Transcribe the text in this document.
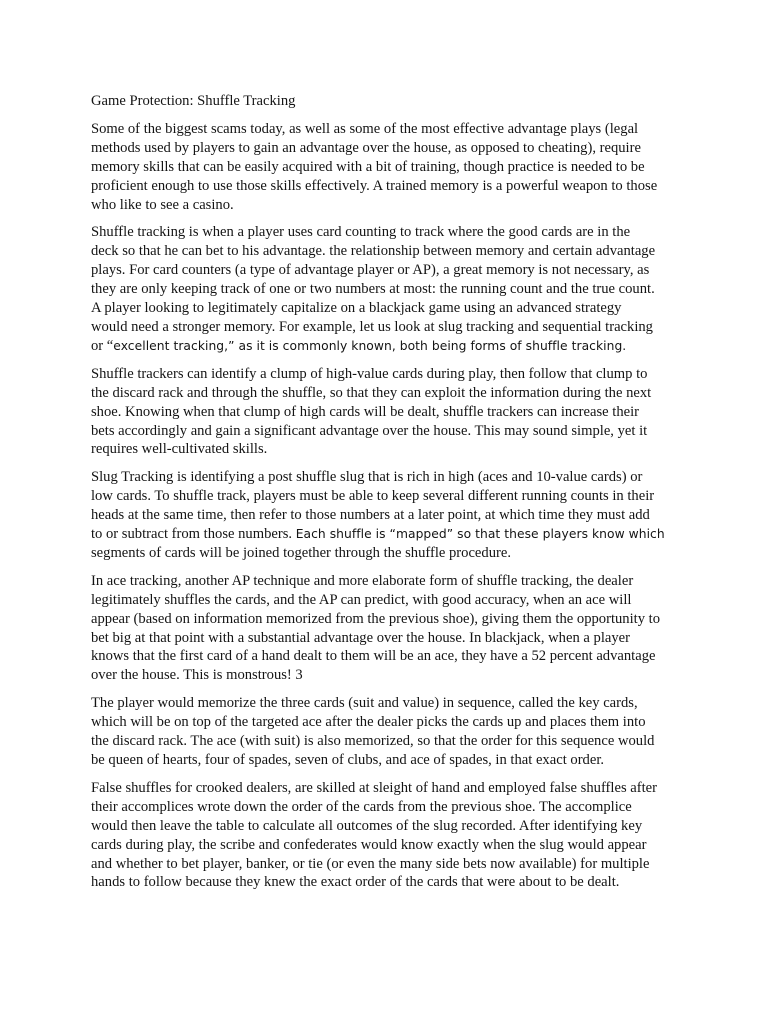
Game Protection: Shuffle Tracking

Some of the biggest scams today, as well as some of the most effective advantage plays (legal
methods used by players to gain an advantage over the house, as opposed to cheating), require
memory skills that can be easily acquired with a bit of training, though practice is needed to be
proficient enough to use those skills effectively. A trained memory is a powerful weapon to those
who like to see a casino.

Shuffle tracking is when a player uses card counting to track where the good cards are in the
deck so that he can bet to his advantage. the relationship between memory and certain advantage
plays. For card counters (a type of advantage player or AP), a great memory is not necessary, as
they are only keeping track of one or two numbers at most: the running count and the true count.
A player looking to legitimately capitalize on a blackjack game using an advanced strategy
would need a stronger memory. For example, let us look at slug tracking and sequential tracking
or “excellent tracking,” as it is commonly known, both being forms of shuffle tracking.

Shuffle trackers can identify a clump of high-value cards during play, then follow that clump to
the discard rack and through the shuffle, so that they can exploit the information during the next
shoe. Knowing when that clump of high cards will be dealt, shuffle trackers can increase their
bets accordingly and gain a significant advantage over the house. This may sound simple, yet it
requires well-cultivated skills.

Slug Tracking is identifying a post shuffle slug that is rich in high (aces and 10-value cards) or
low cards. To shuffle track, players must be able to keep several different running counts in their
heads at the same time, then refer to those numbers at a later point, at which time they must add
to or subtract from those numbers. Each shuffle is “mapped” so that these players know which
segments of cards will be joined together through the shuffle procedure.

In ace tracking, another AP technique and more elaborate form of shuffle tracking, the dealer
legitimately shuffles the cards, and the AP can predict, with good accuracy, when an ace will
appear (based on information memorized from the previous shoe), giving them the opportunity to
bet big at that point with a substantial advantage over the house. In blackjack, when a player
knows that the first card of a hand dealt to them will be an ace, they have a 52 percent advantage
over the house. This is monstrous! 3

The player would memorize the three cards (suit and value) in sequence, called the key cards,
which will be on top of the targeted ace after the dealer picks the cards up and places them into
the discard rack. The ace (with suit) is also memorized, so that the order for this sequence would
be queen of hearts, four of spades, seven of clubs, and ace of spades, in that exact order.

False shuffles for crooked dealers, are skilled at sleight of hand and employed false shuffles after
their accomplices wrote down the order of the cards from the previous shoe. The accomplice
would then leave the table to calculate all outcomes of the slug recorded. After identifying key
cards during play, the scribe and confederates would know exactly when the slug would appear
and whether to bet player, banker, or tie (or even the many side bets now available) for multiple
hands to follow because they knew the exact order of the cards that were about to be dealt.
